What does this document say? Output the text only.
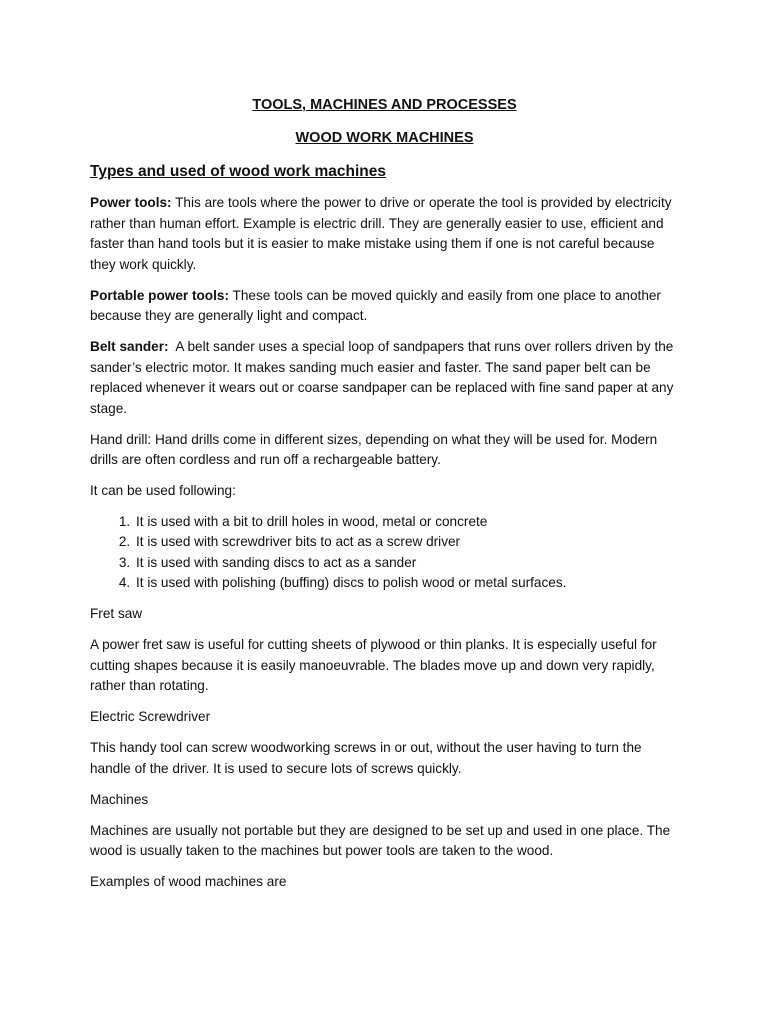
TOOLS, MACHINES AND PROCESSES
WOOD WORK MACHINES
Types and used of wood work machines

Power tools: This are tools where the power to drive or operate the tool is provided by electricity rather than human effort. Example is electric drill. They are generally easier to use, efficient and faster than hand tools but it is easier to make mistake using them if one is not careful because they work quickly.

Portable power tools: These tools can be moved quickly and easily from one place to another because they are generally light and compact.

Belt sander:  A belt sander uses a special loop of sandpapers that runs over rollers driven by the sander’s electric motor. It makes sanding much easier and faster. The sand paper belt can be replaced whenever it wears out or coarse sandpaper can be replaced with fine sand paper at any stage.

Hand drill: Hand drills come in different sizes, depending on what they will be used for. Modern drills are often cordless and run off a rechargeable battery.

It can be used following:

1. It is used with a bit to drill holes in wood, metal or concrete
2. It is used with screwdriver bits to act as a screw driver
3. It is used with sanding discs to act as a sander
4. It is used with polishing (buffing) discs to polish wood or metal surfaces.

Fret saw

A power fret saw is useful for cutting sheets of plywood or thin planks. It is especially useful for cutting shapes because it is easily manoeuvrable. The blades move up and down very rapidly, rather than rotating.

Electric Screwdriver

This handy tool can screw woodworking screws in or out, without the user having to turn the handle of the driver. It is used to secure lots of screws quickly.

Machines

Machines are usually not portable but they are designed to be set up and used in one place. The wood is usually taken to the machines but power tools are taken to the wood.

Examples of wood machines are
